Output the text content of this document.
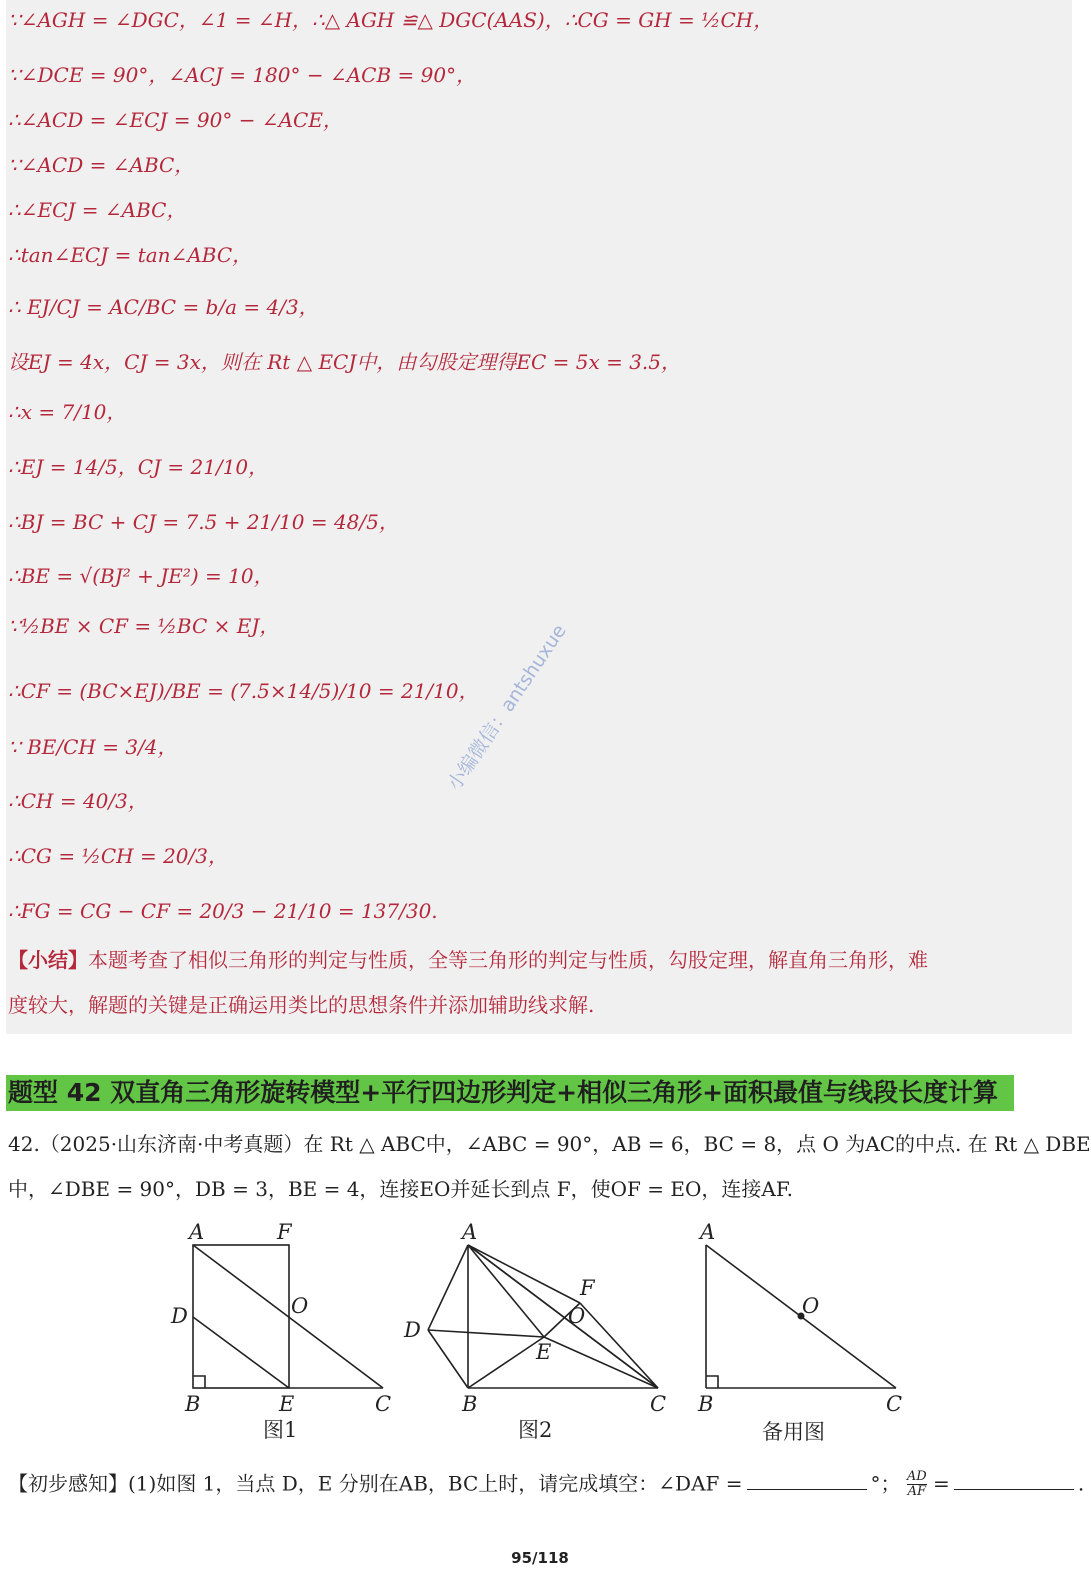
∵∠AGH = ∠DGC，∠1 = ∠H，∴△ AGH ≌△ DGC(AAS)，∴CG = GH = ½CH，
∵∠DCE = 90°，∠ACJ = 180° − ∠ACB = 90°，
∴∠ACD = ∠ECJ = 90° − ∠ACE，
∵∠ACD = ∠ABC，
∴∠ECJ = ∠ABC，
∴tan∠ECJ = tan∠ABC，
∴ EJ/CJ = AC/BC = b/a = 4/3，
设EJ = 4x，CJ = 3x，则在 Rt △ ECJ中，由勾股定理得EC = 5x = 3.5，
∴x = 7/10，
∴EJ = 14/5，CJ = 21/10，
∴BJ = BC + CJ = 7.5 + 21/10 = 48/5，
∴BE = √(BJ² + JE²) = 10，
∵½BE × CF = ½BC × EJ，
∴CF = (BC×EJ)/BE = (7.5×14/5)/10 = 21/10，
∵ BE/CH = 3/4，
∴CH = 40/3，
∴CG = ½CH = 20/3，
∴FG = CG − CF = 20/3 − 21/10 = 137/30.
【小结】本题考查了相似三角形的判定与性质，全等三角形的判定与性质，勾股定理，解直角三角形，难
度较大，解题的关键是正确运用类比的思想条件并添加辅助线求解.
小编微信：antshuxue
题型 42 双直角三角形旋转模型+平行四边形判定+相似三角形+面积最值与线段长度计算
42.（2025·山东济南·中考真题）在 Rt △ ABC中，∠ABC = 90°，AB = 6，BC = 8，点 O 为AC的中点. 在 Rt △ DBE
中，∠DBE = 90°，DB = 3，BE = 4，连接EO并延长到点 F，使OF = EO，连接AF.
A	F
D	O
B	E	C
图1
A
F
D
O
E
B	C
图2
A
O
B	C
备用图
【初步感知】(1)如图 1，当点 D，E 分别在AB，BC上时，请完成填空：∠DAF =	°； $\frac{AD}{AF}$ =	.
95/118
